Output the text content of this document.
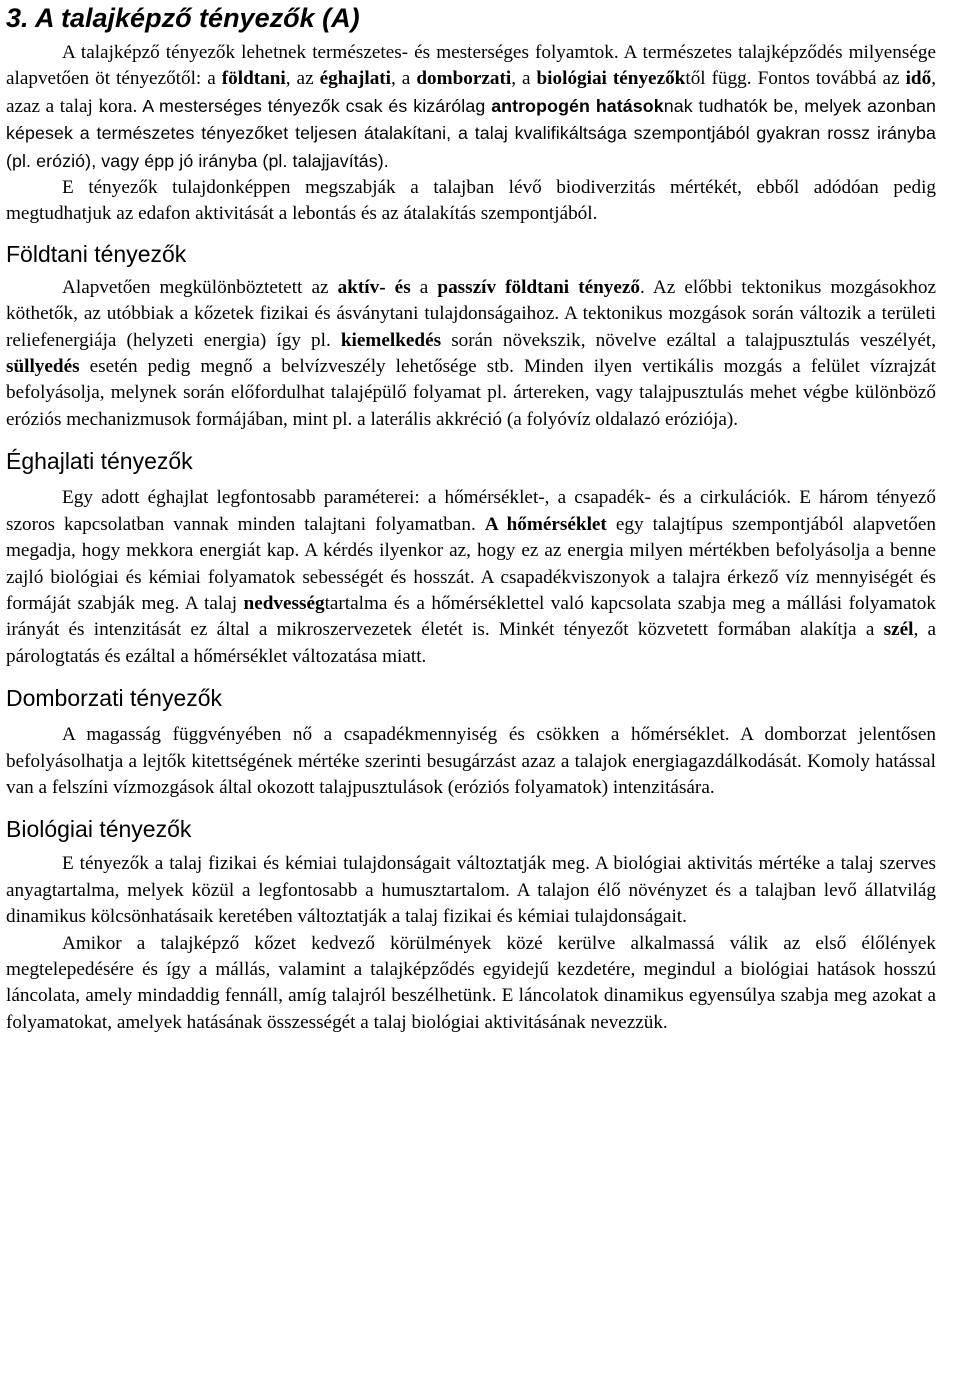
3. A talajképző tényezők (A)

A talajképző tényezők lehetnek természetes- és mesterséges folyamtok. A természetes talajképződés milyensége alapvetően öt tényezőtől: a földtani, az éghajlati, a domborzati, a biológiai tényezőktől függ. Fontos továbbá az idő, azaz a talaj kora. A mesterséges tényezők csak és kizárólag antropogén hatásoknak tudhatók be, melyek azonban képesek a természetes tényezőket teljesen átalakítani, a talaj kvalifikáltsága szempontjából gyakran rossz irányba (pl. erózió), vagy épp jó irányba (pl. talajjavítás).

E tényezők tulajdonképpen megszabják a talajban lévő biodiverzitás mértékét, ebből adódóan pedig megtudhatjuk az edafon aktivitását a lebontás és az átalakítás szempontjából.

Földtani tényezők

Alapvetően megkülönböztetett az aktív- és a passzív földtani tényező. Az előbbi tektonikus mozgásokhoz köthetők, az utóbbiak a kőzetek fizikai és ásványtani tulajdonságaihoz. A tektonikus mozgások során változik a területi reliefenergiája (helyzeti energia) így pl. kiemelkedés során növekszik, növelve ezáltal a talajpusztulás veszélyét, süllyedés esetén pedig megnő a belvízveszély lehetősége stb. Minden ilyen vertikális mozgás a felület vízrajzát befolyásolja, melynek során előfordulhat talajépülő folyamat pl. ártereken, vagy talajpusztulás mehet végbe különböző eróziós mechanizmusok formájában, mint pl. a laterális akkréció (a folyóvíz oldalazó eróziója).

Éghajlati tényezők

Egy adott éghajlat legfontosabb paraméterei: a hőmérséklet-, a csapadék- és a cirkulációk. E három tényező szoros kapcsolatban vannak minden talajtani folyamatban. A hőmérséklet egy talajtípus szempontjából alapvetően megadja, hogy mekkora energiát kap. A kérdés ilyenkor az, hogy ez az energia milyen mértékben befolyásolja a benne zajló biológiai és kémiai folyamatok sebességét és hosszát. A csapadékviszonyok a talajra érkező víz mennyiségét és formáját szabják meg. A talaj nedvességtartalma és a hőmérséklettel való kapcsolata szabja meg a mállási folyamatok irányát és intenzitását ez által a mikroszervezetek életét is. Minkét tényezőt közvetett formában alakítja a szél, a párologtatás és ezáltal a hőmérséklet változatása miatt.

Domborzati tényezők

A magasság függvényében nő a csapadékmennyiség és csökken a hőmérséklet. A domborzat jelentősen befolyásolhatja a lejtők kitettségének mértéke szerinti besugárzást azaz a talajok energiagazdálkodását. Komoly hatással van a felszíni vízmozgások által okozott talajpusztulások (eróziós folyamatok) intenzitására.

Biológiai tényezők

E tényezők a talaj fizikai és kémiai tulajdonságait változtatják meg. A biológiai aktivitás mértéke a talaj szerves anyagtartalma, melyek közül a legfontosabb a humusztartalom. A talajon élő növényzet és a talajban levő állatvilág dinamikus kölcsönhatásaik keretében változtatják a talaj fizikai és kémiai tulajdonságait.

Amikor a talajképző kőzet kedvező körülmények közé kerülve alkalmassá válik az első élőlények megtelepedésére és így a mállás, valamint a talajképződés egyidejű kezdetére, megindul a biológiai hatások hosszú láncolata, amely mindaddig fennáll, amíg talajról beszélhetünk. E láncolatok dinamikus egyensúlya szabja meg azokat a folyamatokat, amelyek hatásának összességét a talaj biológiai aktivitásának nevezzük.
